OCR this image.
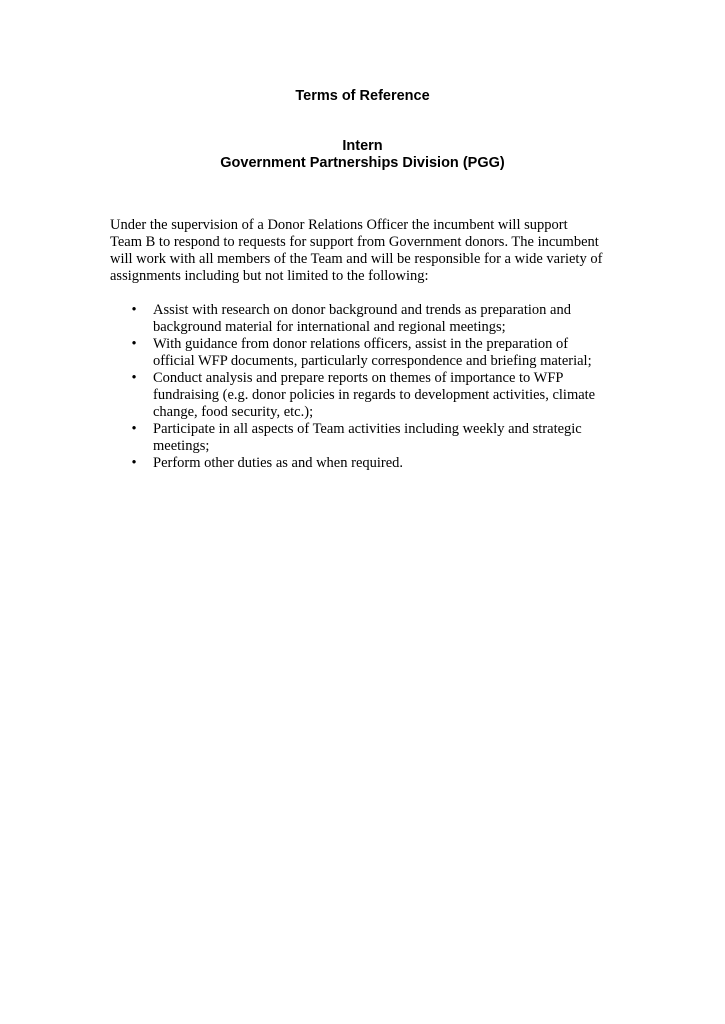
Terms of Reference
Intern
Government Partnerships Division (PGG)
Under the supervision of a Donor Relations Officer the incumbent will support
Team B to respond to requests for support from Government donors. The incumbent
will work with all members of the Team and will be responsible for a wide variety of
assignments including but not limited to the following:
• Assist with research on donor background and trends as preparation and
background material for international and regional meetings;
• With guidance from donor relations officers, assist in the preparation of
official WFP documents, particularly correspondence and briefing material;
• Conduct analysis and prepare reports on themes of importance to WFP
fundraising (e.g. donor policies in regards to development activities, climate
change, food security, etc.);
• Participate in all aspects of Team activities including weekly and strategic
meetings;
• Perform other duties as and when required.
